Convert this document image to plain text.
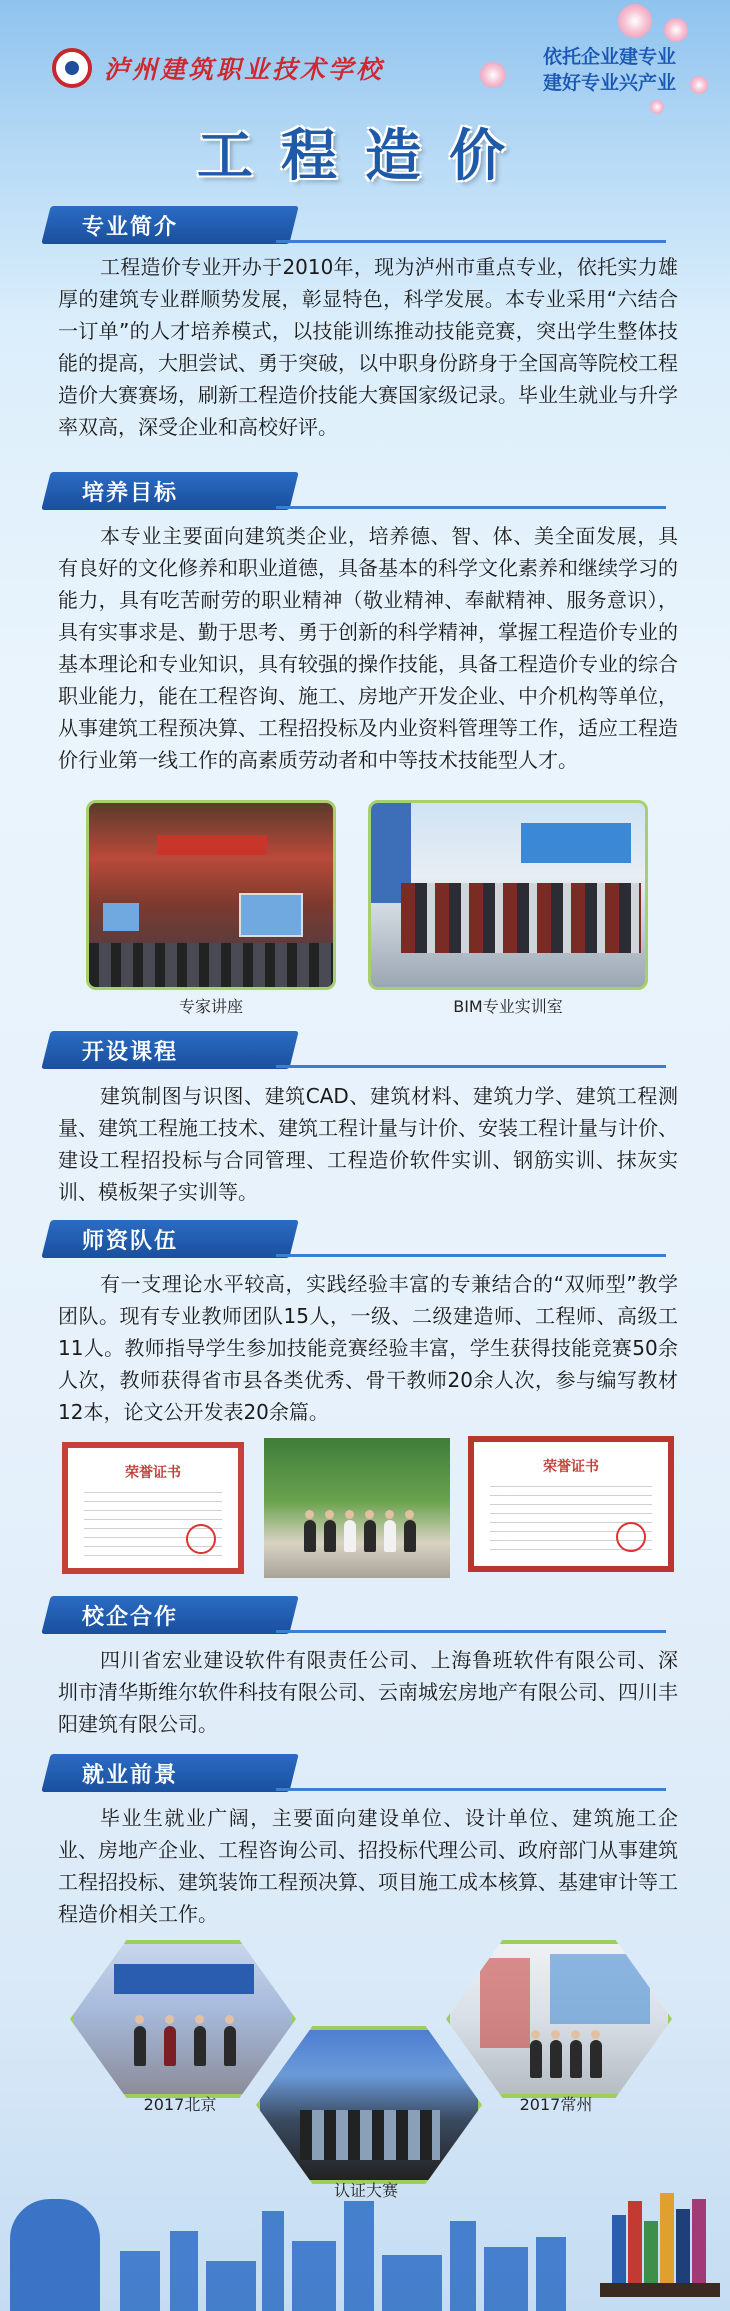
泸州建筑职业技术学校	依托企业建专业
建好专业兴产业
工程造价
专业简介
工程造价专业开办于2010年，现为泸州市重点专业，依托实力雄厚的建筑专业群顺势发展，彰显特色，科学发展。本专业采用“六结合一订单”的人才培养模式，以技能训练推动技能竞赛，突出学生整体技能的提高，大胆尝试、勇于突破，以中职身份跻身于全国高等院校工程造价大赛赛场，刷新工程造价技能大赛国家级记录。毕业生就业与升学率双高，深受企业和高校好评。
培养目标
本专业主要面向建筑类企业，培养德、智、体、美全面发展，具有良好的文化修养和职业道德，具备基本的科学文化素养和继续学习的能力，具有吃苦耐劳的职业精神（敬业精神、奉献精神、服务意识），具有实事求是、勤于思考、勇于创新的科学精神，掌握工程造价专业的基本理论和专业知识，具有较强的操作技能，具备工程造价专业的综合职业能力，能在工程咨询、施工、房地产开发企业、中介机构等单位，从事建筑工程预决算、工程招投标及内业资料管理等工作，适应工程造价行业第一线工作的高素质劳动者和中等技术技能型人才。
专家讲座	BIM专业实训室
开设课程
建筑制图与识图、建筑CAD、建筑材料、建筑力学、建筑工程测量、建筑工程施工技术、建筑工程计量与计价、安装工程计量与计价、建设工程招投标与合同管理、工程造价软件实训、钢筋实训、抹灰实训、模板架子实训等。
师资队伍
有一支理论水平较高，实践经验丰富的专兼结合的“双师型”教学团队。现有专业教师团队15人，一级、二级建造师、工程师、高级工11人。教师指导学生参加技能竞赛经验丰富，学生获得技能竞赛50余人次，教师获得省市县各类优秀、骨干教师20余人次，参与编写教材12本，论文公开发表20余篇。
荣誉证书	荣誉证书
校企合作
四川省宏业建设软件有限责任公司、上海鲁班软件有限公司、深圳市清华斯维尔软件科技有限公司、云南城宏房地产有限公司、四川丰阳建筑有限公司。
就业前景
毕业生就业广阔，主要面向建设单位、设计单位、建筑施工企业、房地产企业、工程咨询公司、招投标代理公司、政府部门从事建筑工程招投标、建筑装饰工程预决算、项目施工成本核算、基建审计等工程造价相关工作。
2017北京	2017常州
认证大赛
